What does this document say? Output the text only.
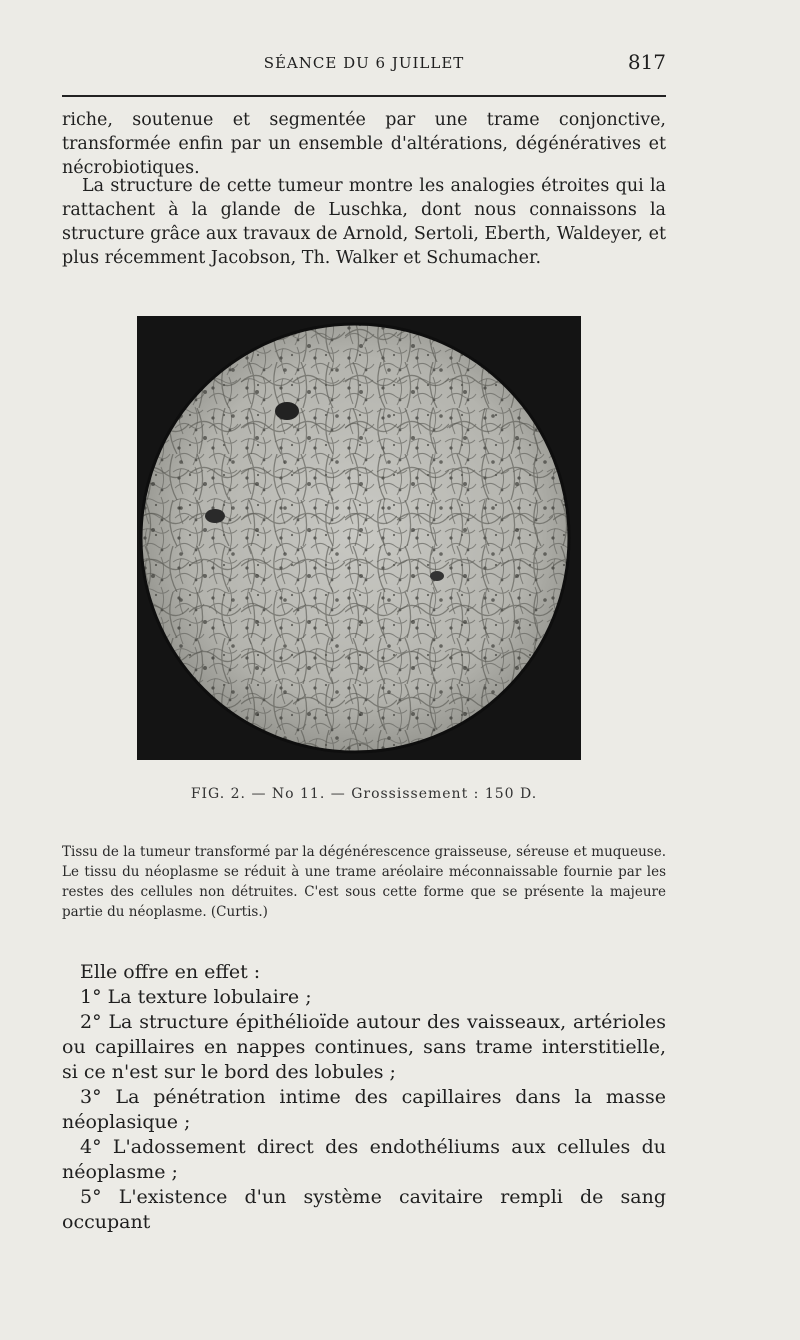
SÉANCE DU 6 JUILLET	817

riche, soutenue et segmentée par une trame conjonctive, transformée enfin par un ensemble d'altérations, dégénératives et nécrobiotiques.

La structure de cette tumeur montre les analogies étroites qui la rattachent à la glande de Luschka, dont nous connaissons la structure grâce aux travaux de Arnold, Sertoli, Eberth, Waldeyer, et plus récemment Jacobson, Th. Walker et Schumacher.

FIG. 2. — No 11. — Grossissement : 150 D.

Tissu de la tumeur transformé par la dégénérescence graisseuse, séreuse et muqueuse. Le tissu du néoplasme se réduit à une trame aréolaire méconnaissable fournie par les restes des cellules non détruites. C'est sous cette forme que se présente la majeure partie du néoplasme. (Curtis.)

Elle offre en effet :
1° La texture lobulaire ;
2° La structure épithélioïde autour des vaisseaux, artérioles ou capillaires en nappes continues, sans trame interstitielle, si ce n'est sur le bord des lobules ;
3° La pénétration intime des capillaires dans la masse néoplasique ;
4° L'adossement direct des endothéliums aux cellules du néoplasme ;
5° L'existence d'un système cavitaire rempli de sang occupant
